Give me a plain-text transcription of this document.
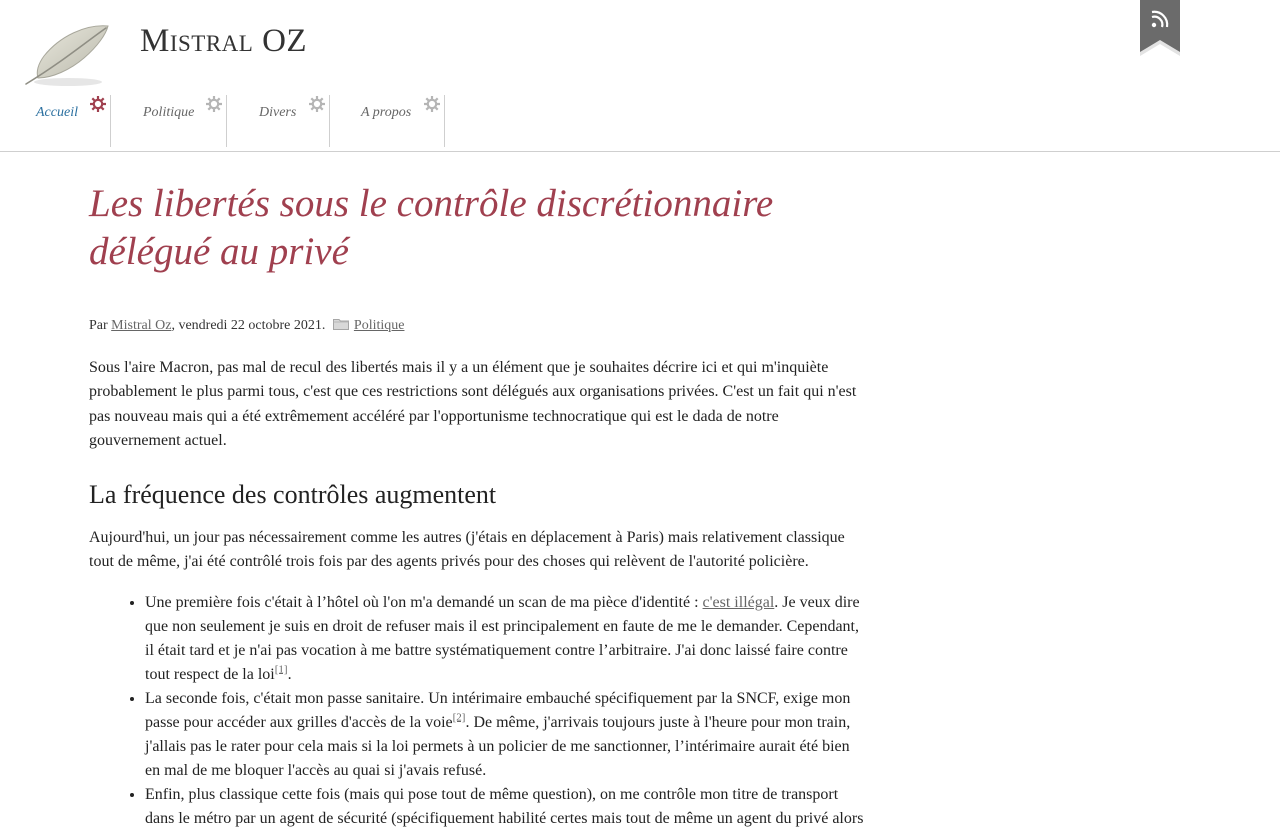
Mistral OZ
Accueil	Politique	Divers	A propos
Les libertés sous le contrôle discrétionnaire délégué au privé
Par Mistral Oz, vendredi 22 octobre 2021. Politique

Sous l'aire Macron, pas mal de recul des libertés mais il y a un élément que je souhaites décrire ici et qui m'inquiète probablement le plus parmi tous, c'est que ces restrictions sont délégués aux organisations privées. C'est un fait qui n'est pas nouveau mais qui a été extrêmement accéléré par l'opportunisme technocratique qui est le dada de notre gouvernement actuel.

La fréquence des contrôles augmentent

Aujourd'hui, un jour pas nécessairement comme les autres (j'étais en déplacement à Paris) mais relativement classique tout de même, j'ai été contrôlé trois fois par des agents privés pour des choses qui relèvent de l'autorité policière.

• Une première fois c'était à l’hôtel où l'on m'a demandé un scan de ma pièce d'identité : c'est illégal. Je veux dire que non seulement je suis en droit de refuser mais il est principalement en faute de me le demander. Cependant, il était tard et je n'ai pas vocation à me battre systématiquement contre l’arbitraire. J'ai donc laissé faire contre tout respect de la loi[1].
• La seconde fois, c'était mon passe sanitaire. Un intérimaire embauché spécifiquement par la SNCF, exige mon passe pour accéder aux grilles d'accès de la voie[2]. De même, j'arrivais toujours juste à l'heure pour mon train, j'allais pas le rater pour cela mais si la loi permets à un policier de me sanctionner, l’intérimaire aurait été bien en mal de me bloquer l'accès au quai si j'avais refusé.
• Enfin, plus classique cette fois (mais qui pose tout de même question), on me contrôle mon titre de transport dans le métro par un agent de sécurité (spécifiquement habilité certes mais tout de même un agent du privé alors
